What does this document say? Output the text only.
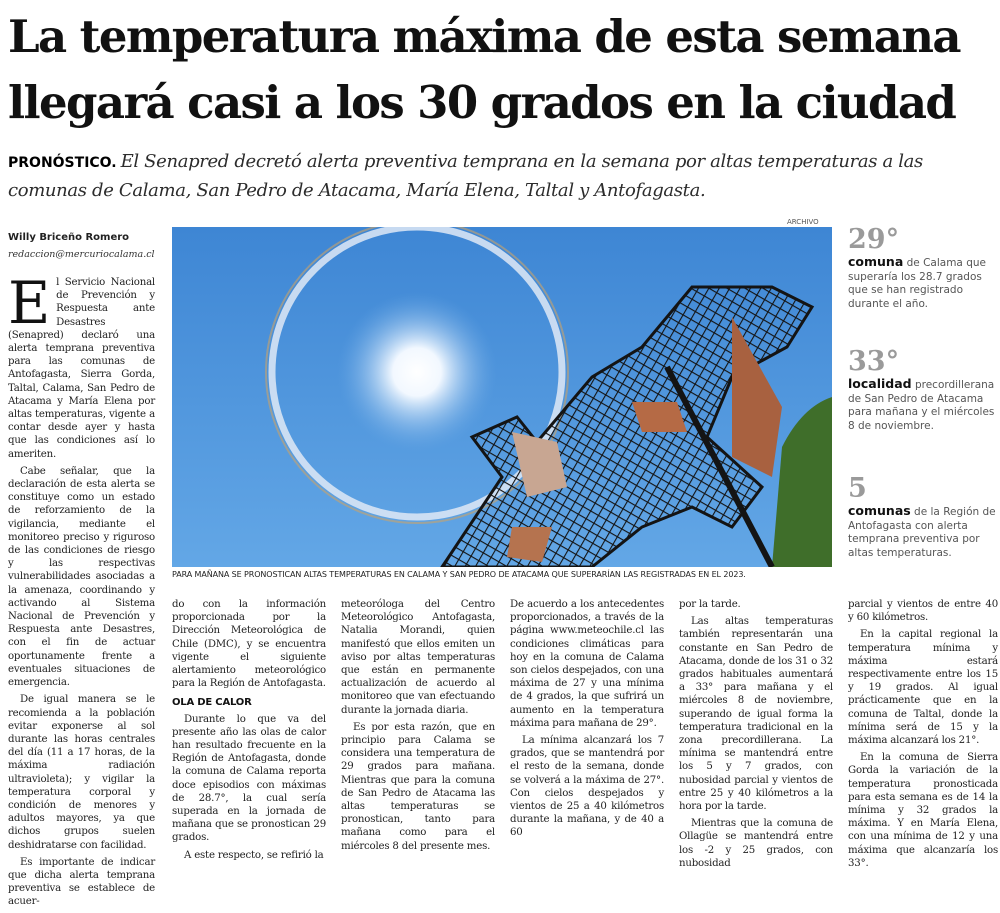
La temperatura máxima de esta semana llegará casi a los 30 grados en la ciudad

PRONÓSTICO. El Senapred decretó alerta preventiva temprana en la semana por altas temperaturas a las comunas de Calama, San Pedro de Atacama, María Elena, Taltal y Antofagasta.

Willy Briceño Romero
redaccion@mercuriocalama.cl

El Servicio Nacional de Prevención y Respuesta ante Desastres (Senapred) declaró una alerta temprana preventiva para las comunas de Antofagasta, Sierra Gorda, Taltal, Calama, San Pedro de Atacama y María Elena por altas temperaturas, vigente a contar desde ayer y hasta que las condiciones así lo ameriten.

Cabe señalar, que la declaración de esta alerta se constituye como un estado de reforzamiento de la vigilancia, mediante el monitoreo preciso y riguroso de las condiciones de riesgo y las respectivas vulnerabilidades asociadas a la amenaza, coordinando y activando al Sistema Nacional de Prevención y Respuesta ante Desastres, con el fin de actuar oportunamente frente a eventuales situaciones de emergencia.

De igual manera se le recomienda a la población evitar exponerse al sol durante las horas centrales del día (11 a 17 horas, de la máxima radiación ultravioleta); y vigilar la temperatura corporal y condición de menores y adultos mayores, ya que dichos grupos suelen deshidratarse con facilidad.

Es importante de indicar que dicha alerta temprana preventiva se establece de acuer-

ARCHIVO
PARA MAÑANA SE PRONOSTICAN ALTAS TEMPERATURAS EN CALAMA Y SAN PEDRO DE ATACAMA QUE SUPERARÍAN LAS REGISTRADAS EN EL 2023.
29°
comuna de Calama que superaría los 28.7 grados que se han registrado durante el año.
33°
localidad precordillerana de San Pedro de Atacama para mañana y el miércoles 8 de noviembre.
5
comunas de la Región de Antofagasta con alerta temprana preventiva por altas temperaturas.

do con la información proporcionada por la Dirección Meteorológica de Chile (DMC), y se encuentra vigente el siguiente alertamiento meteorológico para la Región de Antofagasta.

OLA DE CALOR

Durante lo que va del presente año las olas de calor han resultado frecuente en la Región de Antofagasta, donde la comuna de Calama reporta doce episodios con máximas de 28.7°, la cual sería superada en la jornada de mañana que se pronostican 29 grados.

A este respecto, se refirió la

meteoróloga del Centro Meteorológico Antofagasta, Natalia Morandi, quien manifestó que ellos emiten un aviso por altas temperaturas que están en permanente actualización de acuerdo al monitoreo que van efectuando durante la jornada diaria.

Es por esta razón, que en principio para Calama se considera una temperatura de 29 grados para mañana. Mientras que para la comuna de San Pedro de Atacama las altas temperaturas se pronostican, tanto para mañana como para el miércoles 8 del presente mes.

De acuerdo a los antecedentes proporcionados, a través de la página www.meteochile.cl las condiciones climáticas para hoy en la comuna de Calama son cielos despejados, con una máxima de 27 y una mínima de 4 grados, la que sufrirá un aumento en la temperatura máxima para mañana de 29°.

La mínima alcanzará los 7 grados, que se mantendrá por el resto de la semana, donde se volverá a la máxima de 27°. Con cielos despejados y vientos de 25 a 40 kilómetros durante la mañana, y de 40 a 60

por la tarde.

Las altas temperaturas también representarán una constante en San Pedro de Atacama, donde de los 31 o 32 grados habituales aumentará a 33° para mañana y el miércoles 8 de noviembre, superando de igual forma la temperatura tradicional en la zona precordillerana. La mínima se mantendrá entre los 5 y 7 grados, con nubosidad parcial y vientos de entre 25 y 40 kilómetros a la hora por la tarde.

Mientras que la comuna de Ollagüe se mantendrá entre los -2 y 25 grados, con nubosidad

parcial y vientos de entre 40 y 60 kilómetros.

En la capital regional la temperatura mínima y máxima estará respectivamente entre los 15 y 19 grados. Al igual prácticamente que en la comuna de Taltal, donde la mínima será de 15 y la máxima alcanzará los 21°.

En la comuna de Sierra Gorda la variación de la temperatura pronosticada para esta semana es de 14 la mínima y 32 grados la máxima. Y en María Elena, con una mínima de 12 y una máxima que alcanzaría los 33°.
